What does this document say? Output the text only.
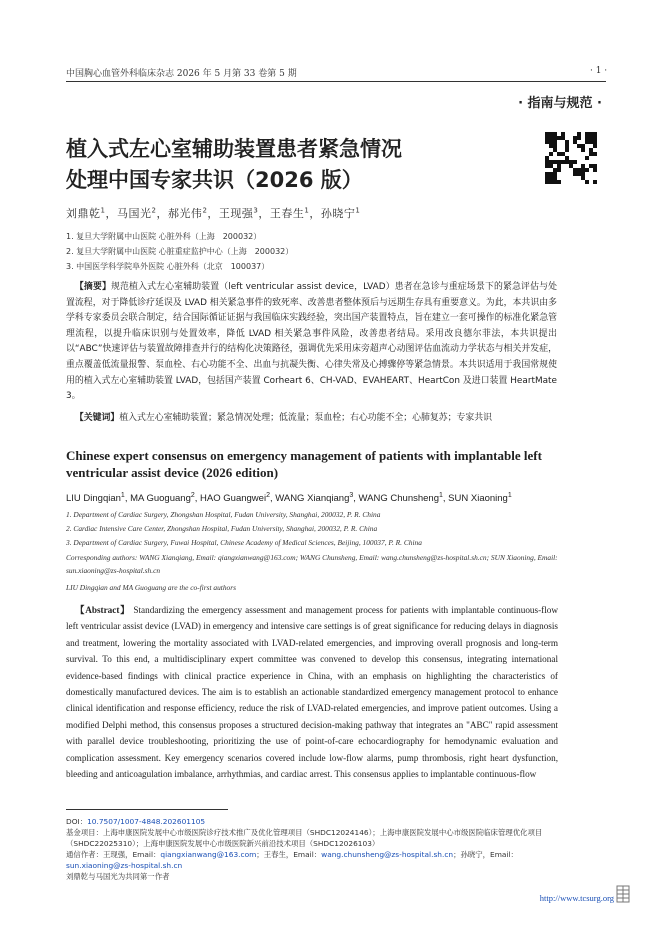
中国胸心血管外科临床杂志 2026 年 5 月第 33 卷第 5 期	· 1 ·
· 指南与规范 ·
植入式左心室辅助装置患者紧急情况
处理中国专家共识（2026 版）
刘鼎乾$^1$，马国光$^2$，郝光伟$^2$，王现强$^3$，王春生$^1$，孙晓宁$^1$
1. 复旦大学附属中山医院 心脏外科（上海　200032）
2. 复旦大学附属中山医院 心脏重症监护中心（上海　200032）
3. 中国医学科学院阜外医院 心脏外科（北京　100037）
【摘要】规范植入式左心室辅助装置（left ventricular assist device，LVAD）患者在急诊与重症场景下的紧急评估与处置流程，对于降低诊疗延误及 LVAD 相关紧急事件的致死率、改善患者整体预后与远期生存具有重要意义。为此，本共识由多学科专家委员会联合制定，结合国际循证证据与我国临床实践经验，突出国产装置特点，旨在建立一套可操作的标准化紧急管理流程，以提升临床识别与处置效率，降低 LVAD 相关紧急事件风险，改善患者结局。采用改良德尔菲法，本共识提出以“ABC”快速评估与装置故障排查并行的结构化决策路径，强调优先采用床旁超声心动图评估血流动力学状态与相关并发症，重点覆盖低流量报警、泵血栓、右心功能不全、出血与抗凝失衡、心律失常及心搏骤停等紧急情景。本共识适用于我国常规使用的植入式左心室辅助装置 LVAD，包括国产装置 Corheart 6、CH-VAD、EVAHEART、HeartCon 及进口装置 HeartMate 3。
【关键词】植入式左心室辅助装置；紧急情况处理；低流量；泵血栓；右心功能不全；心肺复苏；专家共识
Chinese expert consensus on emergency management of patients with implantable left ventricular assist device (2026 edition)
LIU Dingqian$^1$, MA Guoguang$^2$, HAO Guangwei$^2$, WANG Xianqiang$^3$, WANG Chunsheng$^1$, SUN Xiaoning$^1$
1. Department of Cardiac Surgery, Zhongshan Hospital, Fudan University, Shanghai, 200032, P. R. China
2. Cardiac Intensive Care Center, Zhongshan Hospital, Fudan University, Shanghai, 200032, P. R. China
3. Department of Cardiac Surgery, Fuwai Hospital, Chinese Academy of Medical Sciences, Beijing, 100037, P. R. China
Corresponding authors: WANG Xianqiang, Email: qiangxianwang@163.com; WANG Chunsheng, Email: wang.chunsheng@zs-hospital.sh.cn; SUN Xiaoning, Email: sun.xiaoning@zs-hospital.sh.cn
LIU Dingqian and MA Guoguang are the co-first authors
【Abstract】 Standardizing the emergency assessment and management process for patients with implantable continuous-flow left ventricular assist device (LVAD) in emergency and intensive care settings is of great significance for reducing delays in diagnosis and treatment, lowering the mortality associated with LVAD-related emergencies, and improving overall prognosis and long-term survival. To this end, a multidisciplinary expert committee was convened to develop this consensus, integrating international evidence-based findings with clinical practice experience in China, with an emphasis on highlighting the characteristics of domestically manufactured devices. The aim is to establish an actionable standardized emergency management protocol to enhance clinical identification and response efficiency, reduce the risk of LVAD-related emergencies, and improve patient outcomes. Using a modified Delphi method, this consensus proposes a structured decision-making pathway that integrates an "ABC" rapid assessment with parallel device troubleshooting, prioritizing the use of point-of-care echocardiography for hemodynamic evaluation and complication assessment. Key emergency scenarios covered include low-flow alarms, pump thrombosis, right heart dysfunction, bleeding and anticoagulation imbalance, arrhythmias, and cardiac arrest. This consensus applies to implantable continuous-flow
DOI：10.7507/1007-4848.202601105
基金项目：上海申康医院发展中心市级医院诊疗技术推广及优化管理项目（SHDC12024146）；上海申康医院发展中心市级医院临床管理优化项目（SHDC22025310）；上海申康医院发展中心市级医院新兴前沿技术项目（SHDC12026103）
通信作者：王现强，Email：qiangxianwang@163.com；王春生，Email：wang.chunsheng@zs-hospital.sh.cn；孙晓宁，Email：sun.xiaoning@zs-hospital.sh.cn
刘鼎乾与马国光为共同第一作者
http://www.tcsurg.org
